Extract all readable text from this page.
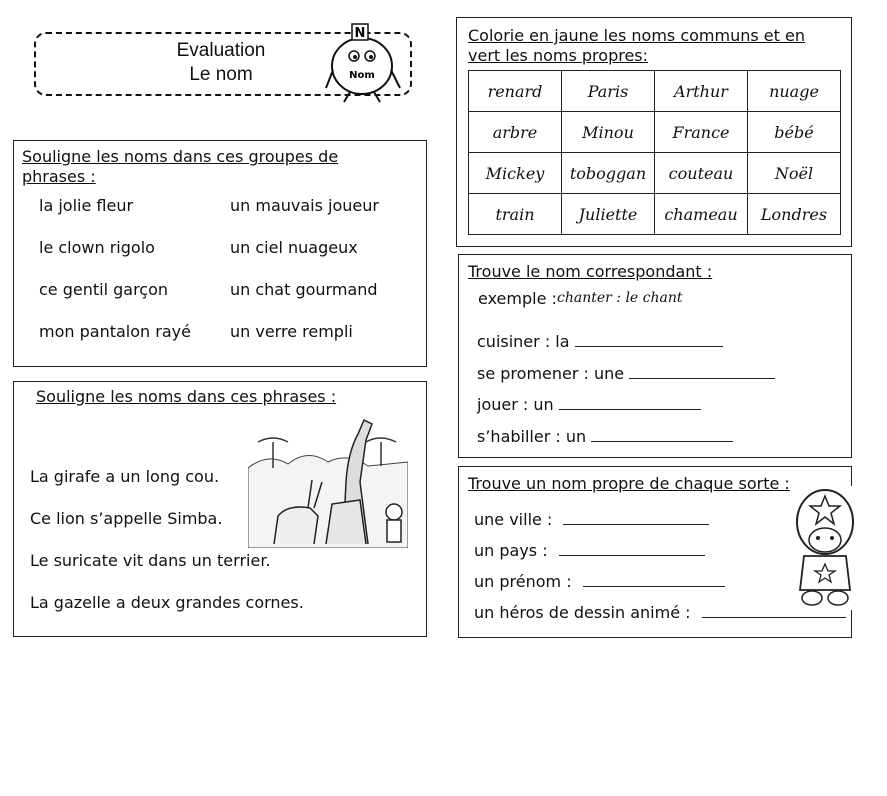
Evaluation
Le nom
N
Nom
Souligne les noms dans ces groupes de phrases :
la jolie fleur
le clown rigolo
ce gentil garçon
mon pantalon rayé
un mauvais joueur
un ciel nuageux
un chat gourmand
un verre rempli
Souligne les noms dans ces phrases :
La girafe a un long cou.
Ce lion s’appelle Simba.
Le suricate vit dans un terrier.
La gazelle a deux grandes cornes.
Colorie en jaune les noms communs et en vert les noms propres:
renard	Paris	Arthur	nuage
arbre	Minou	France	bébé
Mickey	toboggan	couteau	Noël
train	Juliette	chameau	Londres
Trouve le nom correspondant :
exemple : chanter : le chant
cuisiner : la
se promener : une
jouer : un
s’habiller : un
Trouve un nom propre de chaque sorte :
une ville :
un pays :
un prénom :
un héros de dessin animé :
